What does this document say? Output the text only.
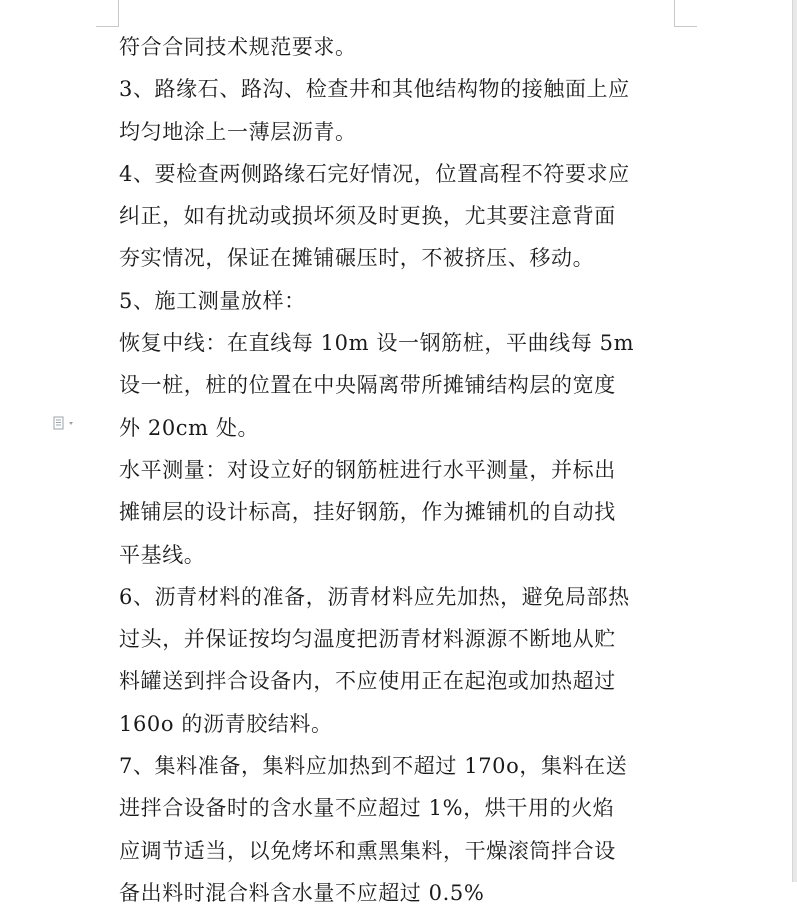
符合合同技术规范要求。
3、路缘石、路沟、检查井和其他结构物的接触面上应
均匀地涂上一薄层沥青。
4、要检查两侧路缘石完好情况，位置高程不符要求应
纠正，如有扰动或损坏须及时更换，尤其要注意背面
夯实情况，保证在摊铺碾压时，不被挤压、移动。
5、施工测量放样：
恢复中线：在直线每 10m 设一钢筋桩，平曲线每 5m
设一桩，桩的位置在中央隔离带所摊铺结构层的宽度
外 20cm 处。
水平测量：对设立好的钢筋桩进行水平测量，并标出
摊铺层的设计标高，挂好钢筋，作为摊铺机的自动找
平基线。
6、沥青材料的准备，沥青材料应先加热，避免局部热
过头，并保证按均匀温度把沥青材料源源不断地从贮
料罐送到拌合设备内，不应使用正在起泡或加热超过
160o 的沥青胶结料。
7、集料准备，集料应加热到不超过 170o，集料在送
进拌合设备时的含水量不应超过 1%，烘干用的火焰
应调节适当，以免烤坏和熏黑集料，干燥滚筒拌合设
备出料时混合料含水量不应超过 0.5%
